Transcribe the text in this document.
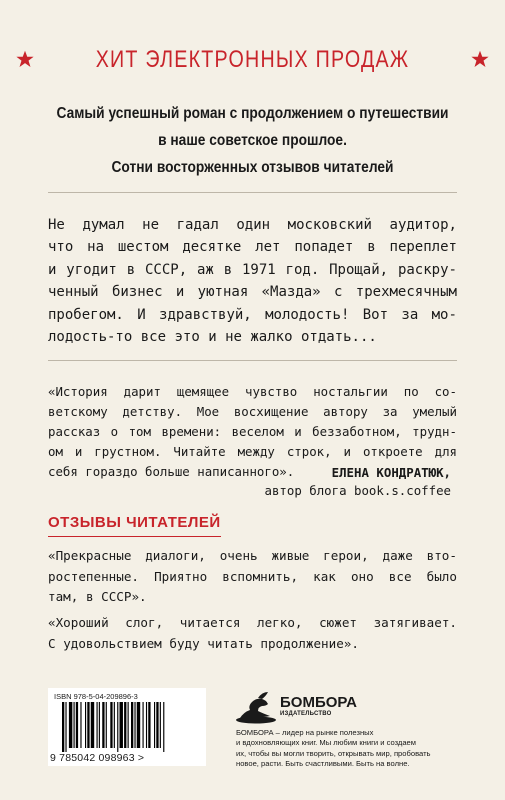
ХИТ ЭЛЕКТРОННЫХ ПРОДАЖ
Самый успешный роман с продолжением о путешествии
в наше советское прошлое.
Сотни восторженных отзывов читателей
Не думал не гадал один московский аудитор,
что на шестом десятке лет попадет в переплет
и угодит в СССР, аж в 1971 год. Прощай, раскру-
ченный бизнес и уютная «Мазда» с трехмесячным
пробегом. И здравствуй, молодость! Вот за мо-
лодость-то
все
это
и
не
жалко
отдать...
«История дарит щемящее чувство ностальгии по со-
ветскому детству. Мое восхищение автору за умелый
рассказ о том времени: веселом и беззаботном, трудн-
ом и грустном. Читайте между строк, и откроете для
себя
гораздо
больше
написанного».	ЕЛЕНА КОНДРАТЮК,
автор блога book.s.coffee
ОТЗЫВЫ ЧИТАТЕЛЕЙ
«Прекрасные диалоги, очень живые герои, даже вто-
ростепенные. Приятно вспомнить, как оно все было
там,
в
СССР».
«Хороший слог, читается легко, сюжет затягивает.
С
удовольствием
буду
читать
продолжение».
ISBN 978-5-04-209896-3
9 785042 098963 >
БОМБОРА
ИЗДАТЕЛЬСТВО
БОМБОРА – лидер на рынке полезных
и вдохновляющих книг. Мы любим книги и создаем
их, чтобы вы могли творить, открывать мир, пробовать
новое, расти. Быть счастливыми. Быть на волне.
